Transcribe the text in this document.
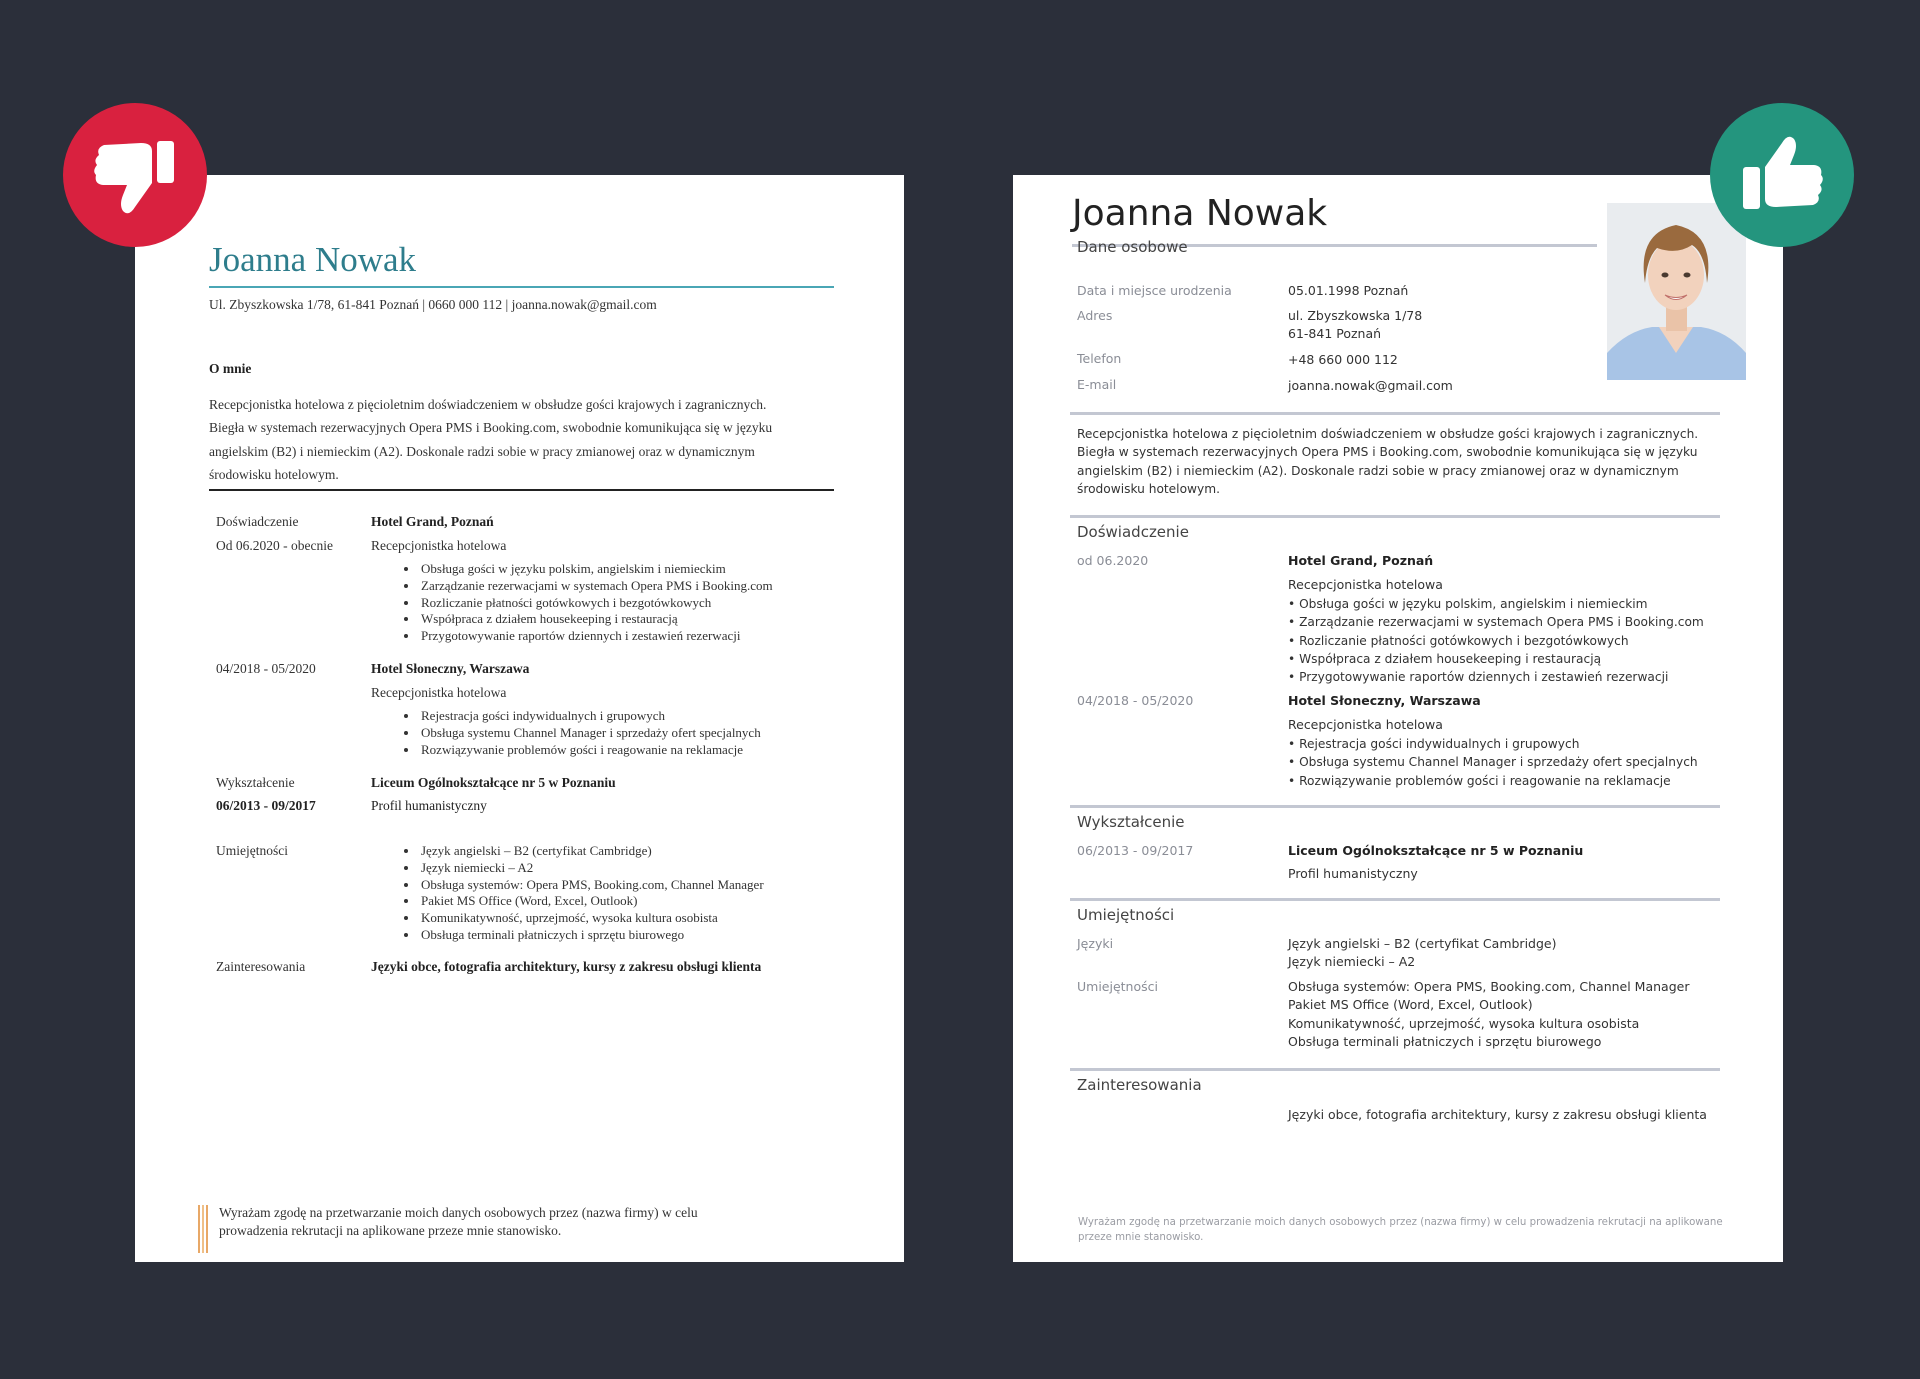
Joanna Nowak
Ul. Zbyszkowska 1/78, 61-841 Poznań | 0660 000 112 | joanna.nowak@gmail.com
O mnie
Recepcjonistka hotelowa z pięcioletnim doświadczeniem w obsłudze gości krajowych i zagranicznych.
Biegła w systemach rezerwacyjnych Opera PMS i Booking.com, swobodnie komunikująca się w języku
angielskim (B2) i niemieckim (A2). Doskonale radzi sobie w pracy zmianowej oraz w dynamicznym
środowisku hotelowym.
Doświadczenie
Od 06.2020 - obecnie
Hotel Grand, Poznań
Recepcjonistka hotelowa
• Obsługa gości w języku polskim, angielskim i niemieckim
• Zarządzanie rezerwacjami w systemach Opera PMS i Booking.com
• Rozliczanie płatności gotówkowych i bezgotówkowych
• Współpraca z działem housekeeping i restauracją
• Przygotowywanie raportów dziennych i zestawień rezerwacji
04/2018 - 05/2020	Hotel Słoneczny, Warszawa
Recepcjonistka hotelowa
• Rejestracja gości indywidualnych i grupowych
• Obsługa systemu Channel Manager i sprzedaży ofert specjalnych
• Rozwiązywanie problemów gości i reagowanie na reklamacje
Wykształcenie
06/2013 - 09/2017
Liceum Ogólnokształcące nr 5 w Poznaniu
Profil humanistyczny
Umiejętności
•	Język angielski – B2 (certyfikat Cambridge)
• Język niemiecki – A2
• Obsługa systemów: Opera PMS, Booking.com, Channel Manager
• Pakiet MS Office (Word, Excel, Outlook)
• Komunikatywność, uprzejmość, wysoka kultura osobista
• Obsługa terminali płatniczych i sprzętu biurowego
Zainteresowania	Języki obce, fotografia architektury, kursy z zakresu obsługi klienta
Wyrażam zgodę na przetwarzanie moich danych osobowych przez (nazwa firmy) w celu
prowadzenia rekrutacji na aplikowane przeze mnie stanowisko.
Joanna Nowak
Dane osobowe
Data i miejsce urodzenia	05.01.1998 Poznań
Adres	ul. Zbyszkowska 1/78
61-841 Poznań
Telefon	+48 660 000 112
E-mail	joanna.nowak@gmail.com
Recepcjonistka hotelowa z pięcioletnim doświadczeniem w obsłudze gości krajowych i zagranicznych.
Biegła w systemach rezerwacyjnych Opera PMS i Booking.com, swobodnie komunikująca się w języku
angielskim (B2) i niemieckim (A2). Doskonale radzi sobie w pracy zmianowej oraz w dynamicznym
środowisku hotelowym.
Doświadczenie
od 06.2020	Hotel Grand, Poznań
Recepcjonistka hotelowa
• Obsługa gości w języku polskim, angielskim i niemieckim
• Zarządzanie rezerwacjami w systemach Opera PMS i Booking.com
• Rozliczanie płatności gotówkowych i bezgotówkowych
• Współpraca z działem housekeeping i restauracją
• Przygotowywanie raportów dziennych i zestawień rezerwacji
04/2018 - 05/2020	Hotel Słoneczny, Warszawa
Recepcjonistka hotelowa
• Rejestracja gości indywidualnych i grupowych
• Obsługa systemu Channel Manager i sprzedaży ofert specjalnych
• Rozwiązywanie problemów gości i reagowanie na reklamacje
Wykształcenie
06/2013 - 09/2017	Liceum Ogólnokształcące nr 5 w Poznaniu
Profil humanistyczny
Umiejętności
Języki	Język angielski – B2 (certyfikat Cambridge)
Język niemiecki – A2
Umiejętności	Obsługa systemów: Opera PMS, Booking.com, Channel Manager
Pakiet MS Office (Word, Excel, Outlook)
Komunikatywność, uprzejmość, wysoka kultura osobista
Obsługa terminali płatniczych i sprzętu biurowego
Zainteresowania
Języki obce, fotografia architektury, kursy z zakresu obsługi klienta
Wyrażam zgodę na przetwarzanie moich danych osobowych przez (nazwa firmy) w celu prowadzenia rekrutacji na aplikowane
przeze mnie stanowisko.
